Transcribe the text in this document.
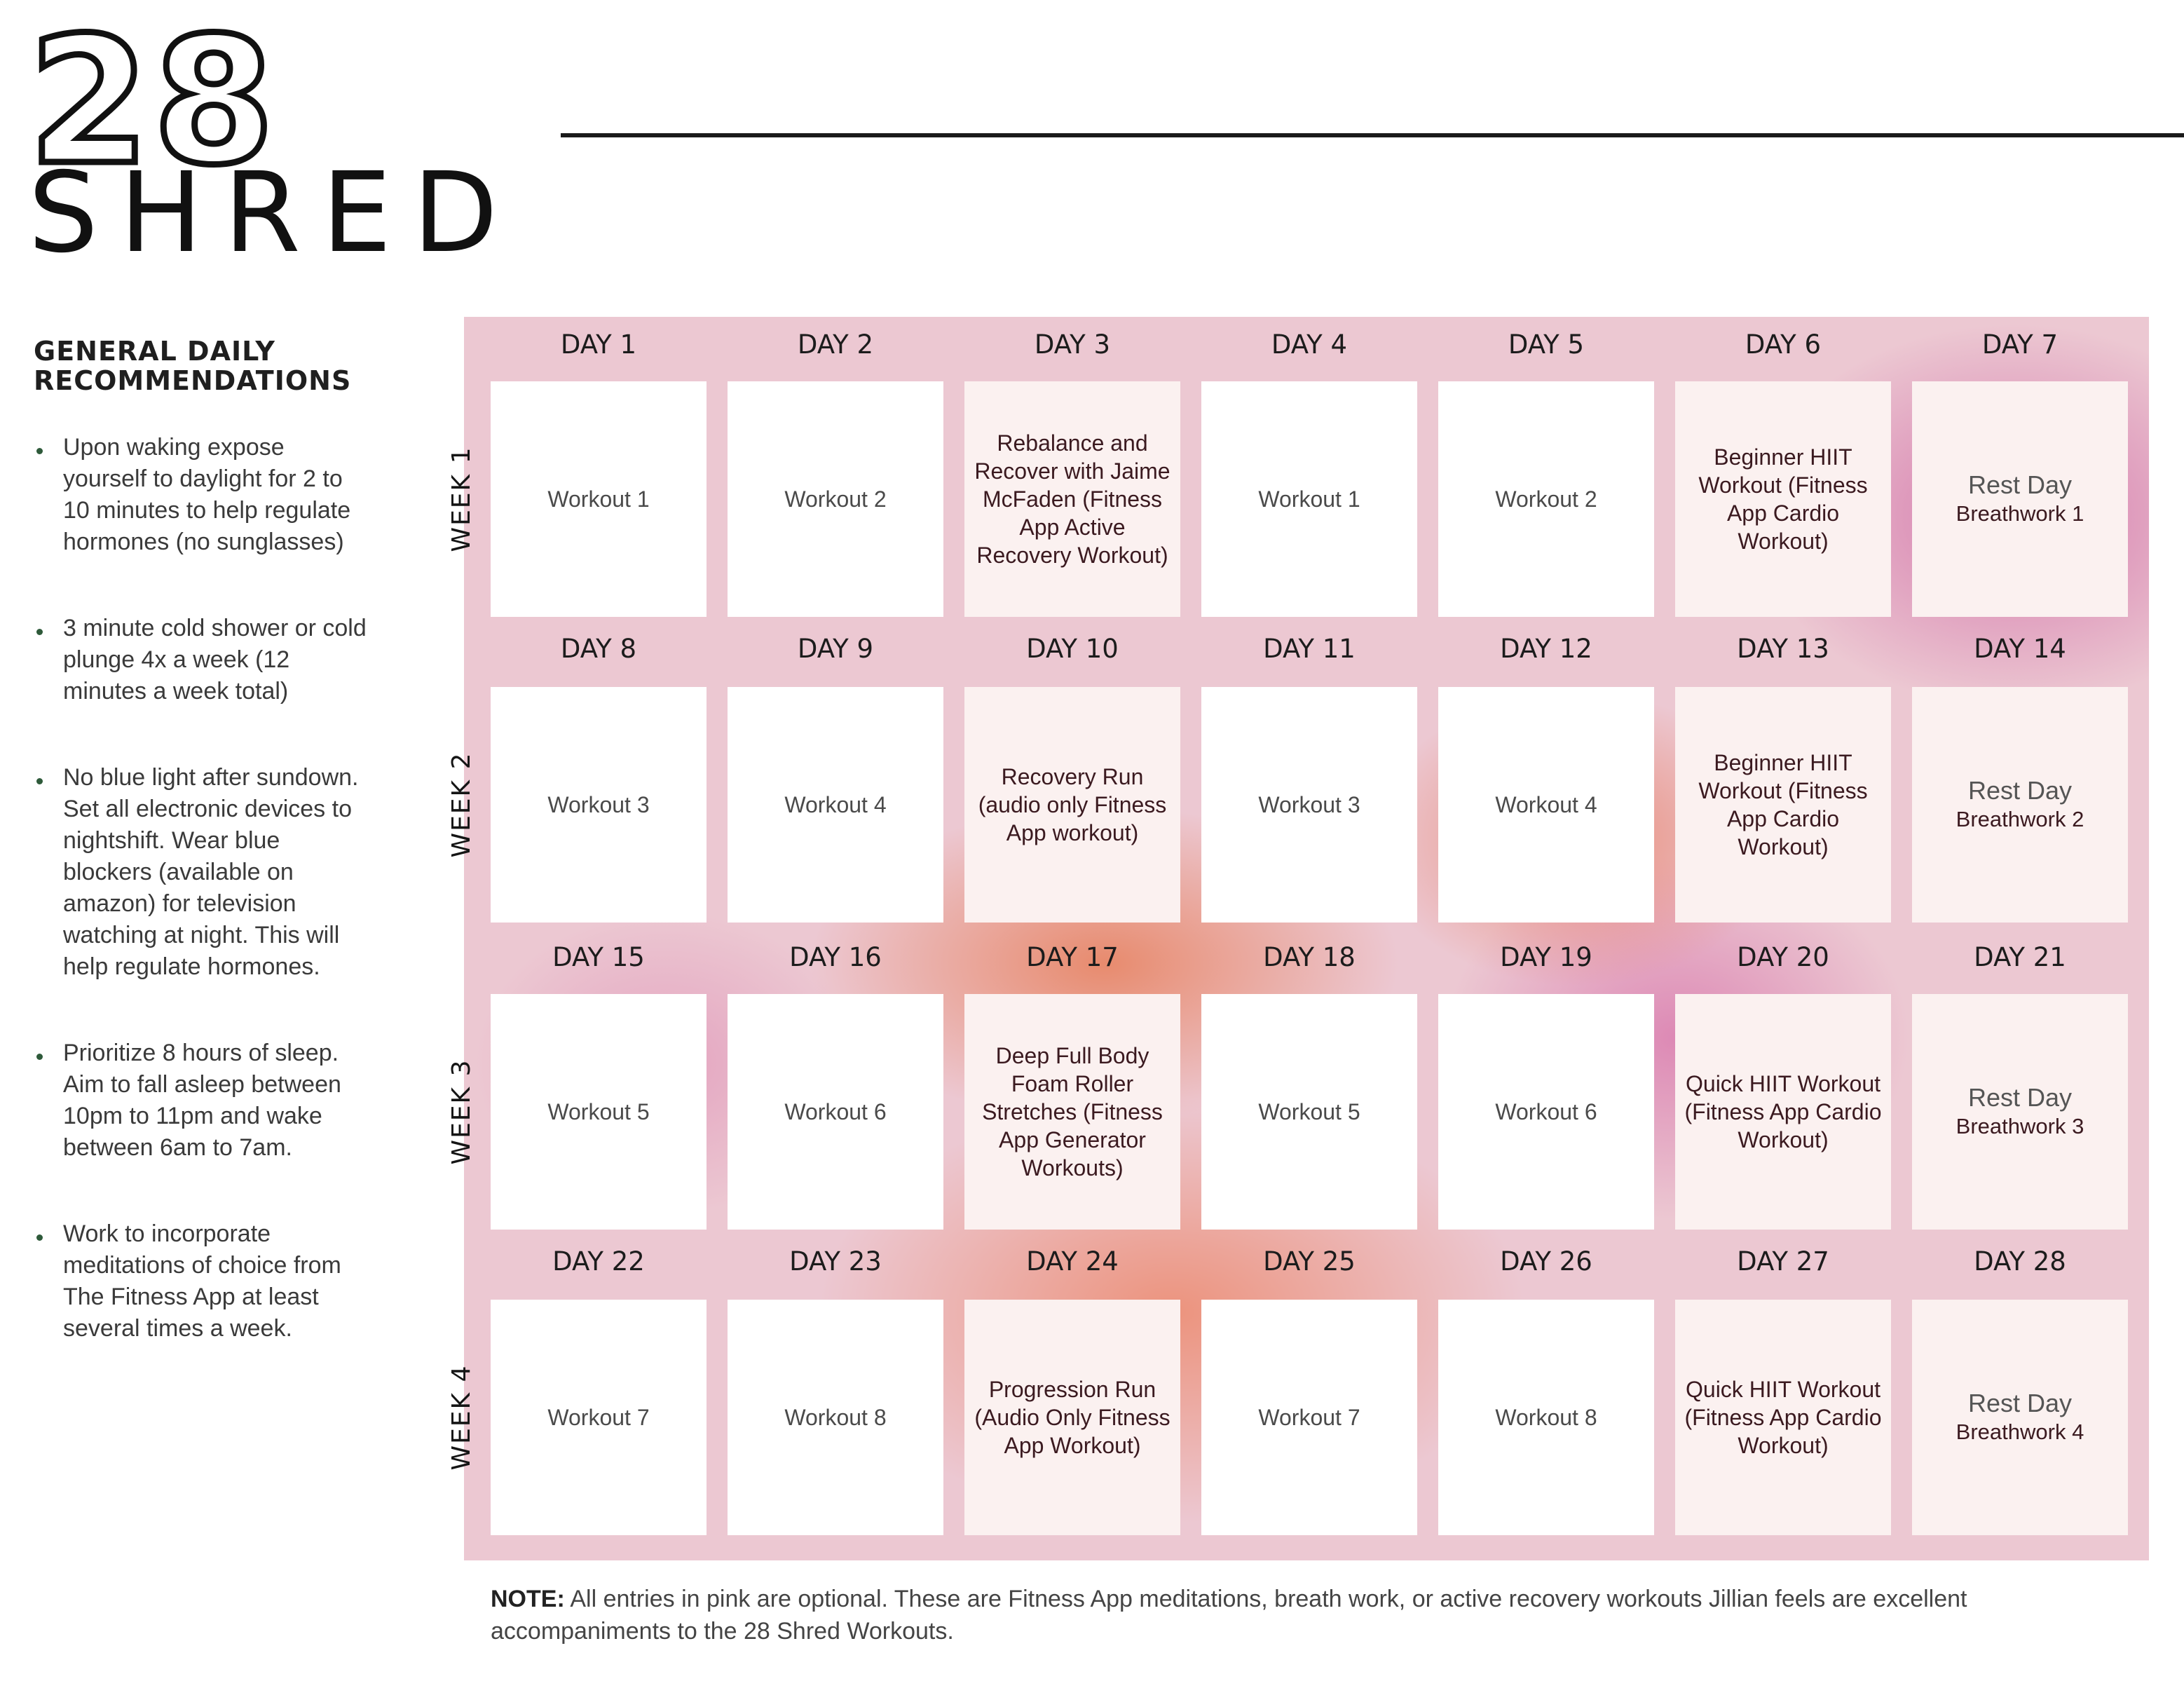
28
SHRED
GENERAL DAILY RECOMMENDATIONS
Upon waking expose yourself to daylight for 2 to 10 minutes to help regulate hormones (no sunglasses)
3 minute cold shower or cold plunge 4x a week (12 minutes a week total)
No blue light after sundown. Set all electronic devices to nightshift. Wear blue blockers (available on amazon) for television watching at night. This will help regulate hormones.
Prioritize 8 hours of sleep. Aim to fall asleep between 10pm to 11pm and wake between 6am to 7am.
Work to incorporate meditations of choice from The Fitness App at least several times a week.
WEEK 1
DAY 1
Workout 1
DAY 2
Workout 2
DAY 3
Rebalance and Recover with Jaime McFaden (Fitness App Active Recovery Workout)
DAY 4
Workout 1
DAY 5
Workout 2
DAY 6
Beginner HIIT Workout (Fitness App Cardio Workout)
DAY 7
Rest Day
Breathwork 1
WEEK 2
DAY 8
Workout 3
DAY 9
Workout 4
DAY 10
Recovery Run (audio only Fitness App workout)
DAY 11
Workout 3
DAY 12
Workout 4
DAY 13
Beginner HIIT Workout (Fitness App Cardio Workout)
DAY 14
Rest Day
Breathwork 2
WEEK 3
DAY 15
Workout 5
DAY 16
Workout 6
DAY 17
Deep Full Body Foam Roller Stretches (Fitness App Generator Workouts)
DAY 18
Workout 5
DAY 19
Workout 6
DAY 20
Quick HIIT Workout (Fitness App Cardio Workout)
DAY 21
Rest Day
Breathwork 3
WEEK 4
DAY 22
Workout 7
DAY 23
Workout 8
DAY 24
Progression Run (Audio Only Fitness App Workout)
DAY 25
Workout 7
DAY 26
Workout 8
DAY 27
Quick HIIT Workout (Fitness App Cardio Workout)
DAY 28
Rest Day
Breathwork 4
NOTE: All entries in pink are optional. These are Fitness App meditations, breath work, or active recovery workouts Jillian feels are excellent accompaniments to the 28 Shred Workouts.
